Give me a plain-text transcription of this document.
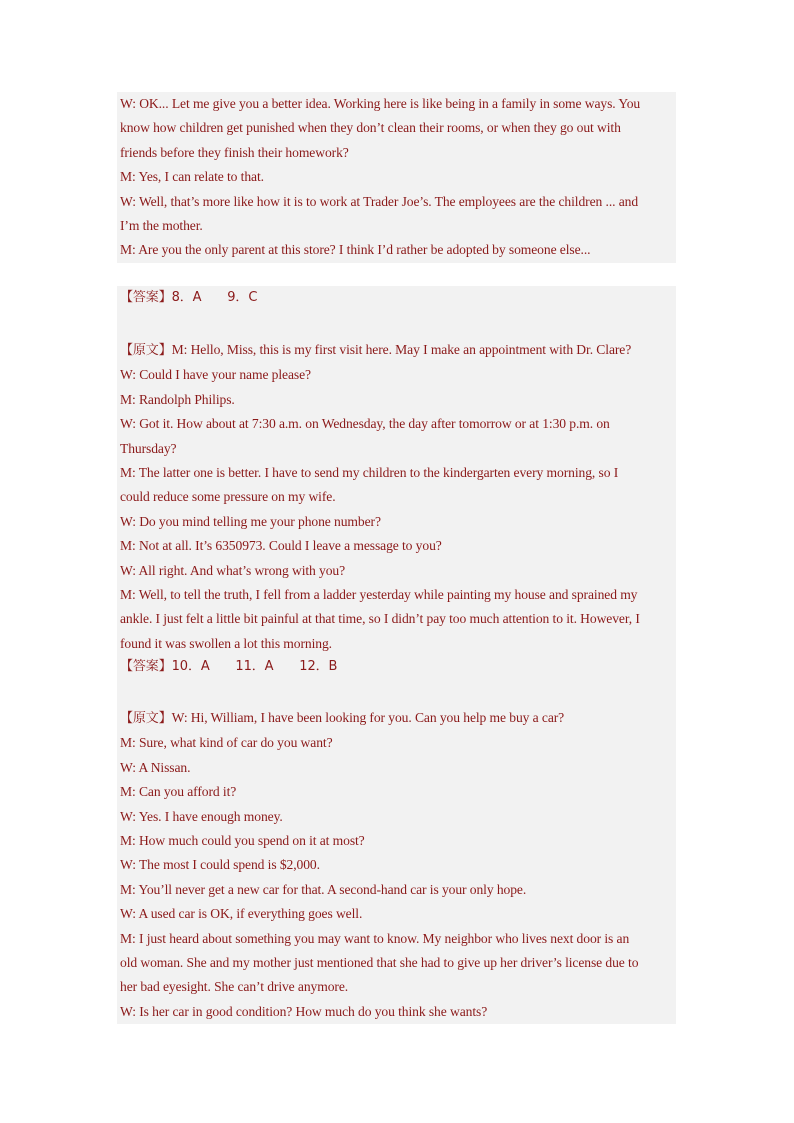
W: OK... Let me give you a better idea. Working here is like being in a family in some ways. You
know how children get punished when they don’t clean their rooms, or when they go out with
friends before they finish their homework?
M: Yes, I can relate to that.
W: Well, that’s more like how it is to work at Trader Joe’s. The employees are the children ... and
I’m the mother.
M: Are you the only parent at this store? I think I’d rather be adopted by someone else...
【答案】8．A　　9．C
【原文】M: Hello, Miss, this is my first visit here. May I make an appointment with Dr. Clare?
W: Could I have your name please?
M: Randolph Philips.
W: Got it. How about at 7:30 a.m. on Wednesday, the day after tomorrow or at 1:30 p.m. on
Thursday?
M: The latter one is better. I have to send my children to the kindergarten every morning, so I
could reduce some pressure on my wife.
W: Do you mind telling me your phone number?
M: Not at all. It’s 6350973. Could I leave a message to you?
W: All right. And what’s wrong with you?
M: Well, to tell the truth, I fell from a ladder yesterday while painting my house and sprained my
ankle. I just felt a little bit painful at that time, so I didn’t pay too much attention to it. However, I
found it was swollen a lot this morning.
【答案】10．A　　11．A　　12．B
【原文】W: Hi, William, I have been looking for you. Can you help me buy a car?
M: Sure, what kind of car do you want?
W: A Nissan.
M: Can you afford it?
W: Yes. I have enough money.
M: How much could you spend on it at most?
W: The most I could spend is $2,000.
M: You’ll never get a new car for that. A second-hand car is your only hope.
W: A used car is OK, if everything goes well.
M: I just heard about something you may want to know. My neighbor who lives next door is an
old woman. She and my mother just mentioned that she had to give up her driver’s license due to
her bad eyesight. She can’t drive anymore.
W: Is her car in good condition? How much do you think she wants?
